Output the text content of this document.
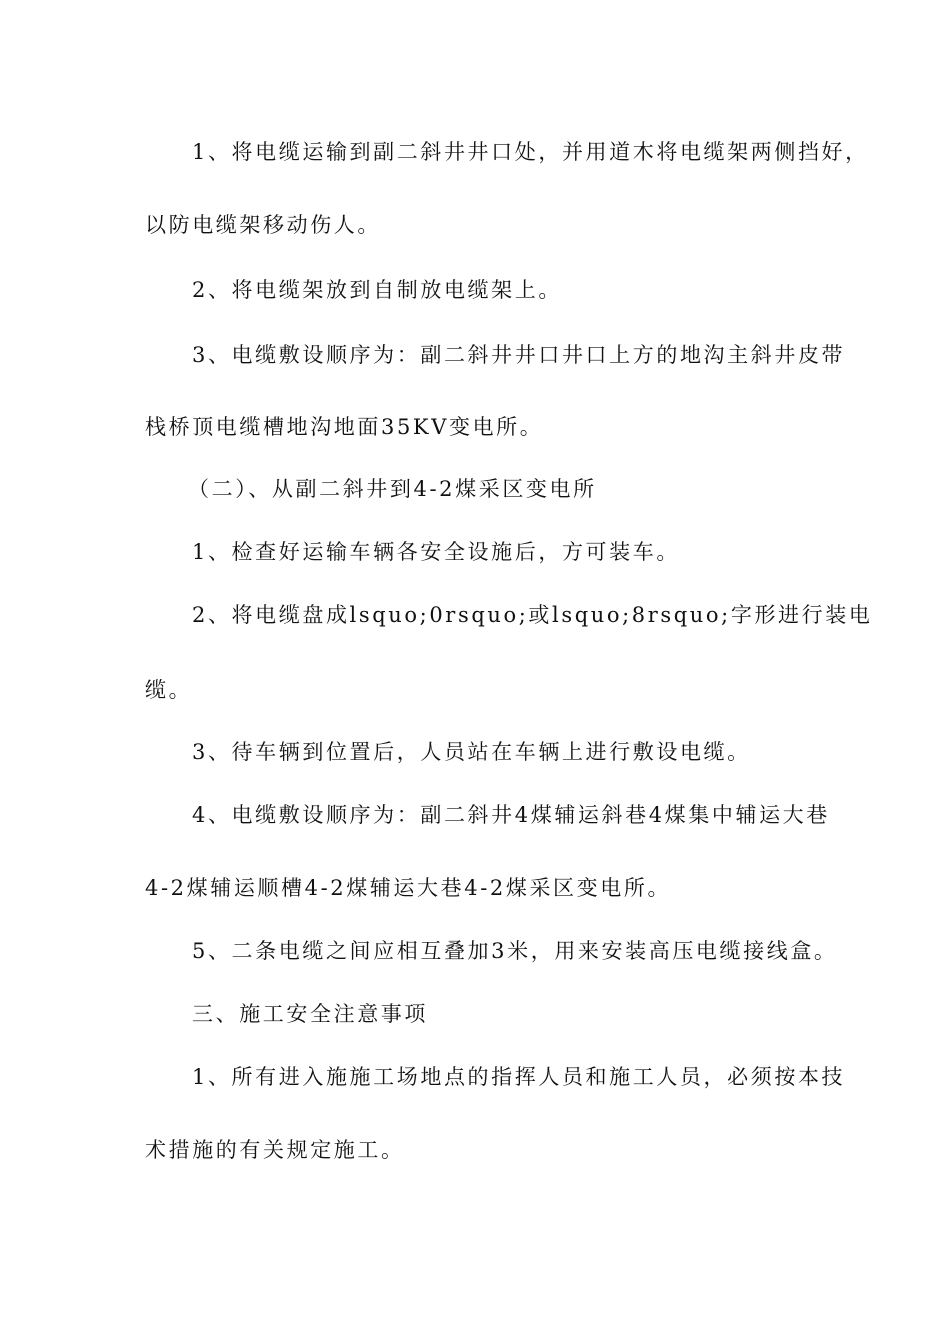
1、将电缆运输到副二斜井井口处，并用道木将电缆架两侧挡好，
以防电缆架移动伤人。
2、将电缆架放到自制放电缆架上。
3、电缆敷设顺序为：副二斜井井口井口上方的地沟主斜井皮带
栈桥顶电缆槽地沟地面35KV变电所。
（二）、从副二斜井到4-2煤采区变电所
1、检查好运输车辆各安全设施后，方可装车。
2、将电缆盘成lsquo;0rsquo;或lsquo;8rsquo;字形进行装电
缆。
3、待车辆到位置后，人员站在车辆上进行敷设电缆。
4、电缆敷设顺序为：副二斜井4煤辅运斜巷4煤集中辅运大巷
4-2煤辅运顺槽4-2煤辅运大巷4-2煤采区变电所。
5、二条电缆之间应相互叠加3米，用来安装高压电缆接线盒。
三、施工安全注意事项
1、所有进入施施工场地点的指挥人员和施工人员，必须按本技
术措施的有关规定施工。
